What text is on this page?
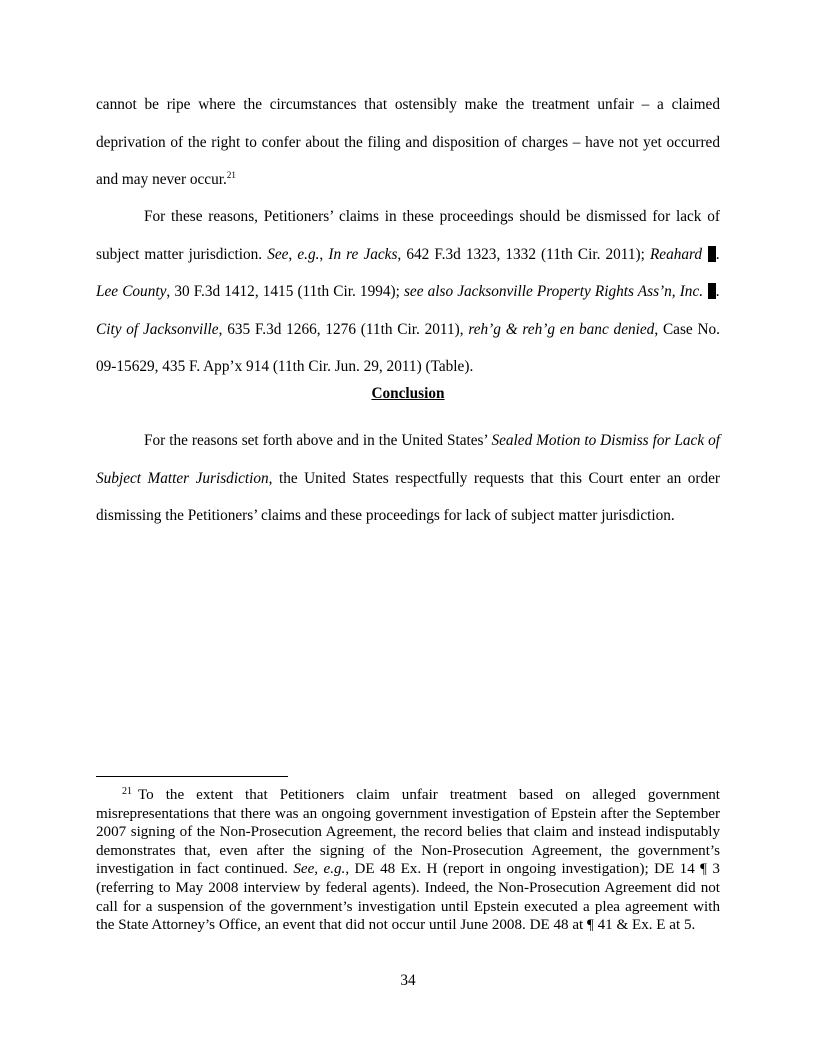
cannot be ripe where the circumstances that ostensibly make the treatment unfair – a claimed deprivation of the right to confer about the filing and disposition of charges – have not yet occurred and may never occur.$^{21}$

For these reasons, Petitioners’ claims in these proceedings should be dismissed for lack of subject matter jurisdiction. See, e.g., In re Jacks, 642 F.3d 1323, 1332 (11th Cir. 2011); Reahard . Lee County, 30 F.3d 1412, 1415 (11th Cir. 1994); see also Jacksonville Property Rights Ass’n, Inc. . City of Jacksonville, 635 F.3d 1266, 1276 (11th Cir. 2011), reh’g & reh’g en banc denied, Case No. 09-15629, 435 F. App’x 914 (11th Cir. Jun. 29, 2011) (Table).

Conclusion

For the reasons set forth above and in the United States’ Sealed Motion to Dismiss for Lack of Subject Matter Jurisdiction, the United States respectfully requests that this Court enter an order dismissing the Petitioners’ claims and these proceedings for lack of subject matter jurisdiction.

$^{21}$ To the extent that Petitioners claim unfair treatment based on alleged government misrepresentations that there was an ongoing government investigation of Epstein after the September 2007 signing of the Non-Prosecution Agreement, the record belies that claim and instead indisputably demonstrates that, even after the signing of the Non-Prosecution Agreement, the government’s investigation in fact continued. See, e.g., DE 48 Ex. H (report in ongoing investigation); DE 14 ¶ 3 (referring to May 2008 interview by federal agents). Indeed, the Non-Prosecution Agreement did not call for a suspension of the government’s investigation until Epstein executed a plea agreement with the State Attorney’s Office, an event that did not occur until June 2008. DE 48 at ¶ 41 & Ex. E at 5.

34
